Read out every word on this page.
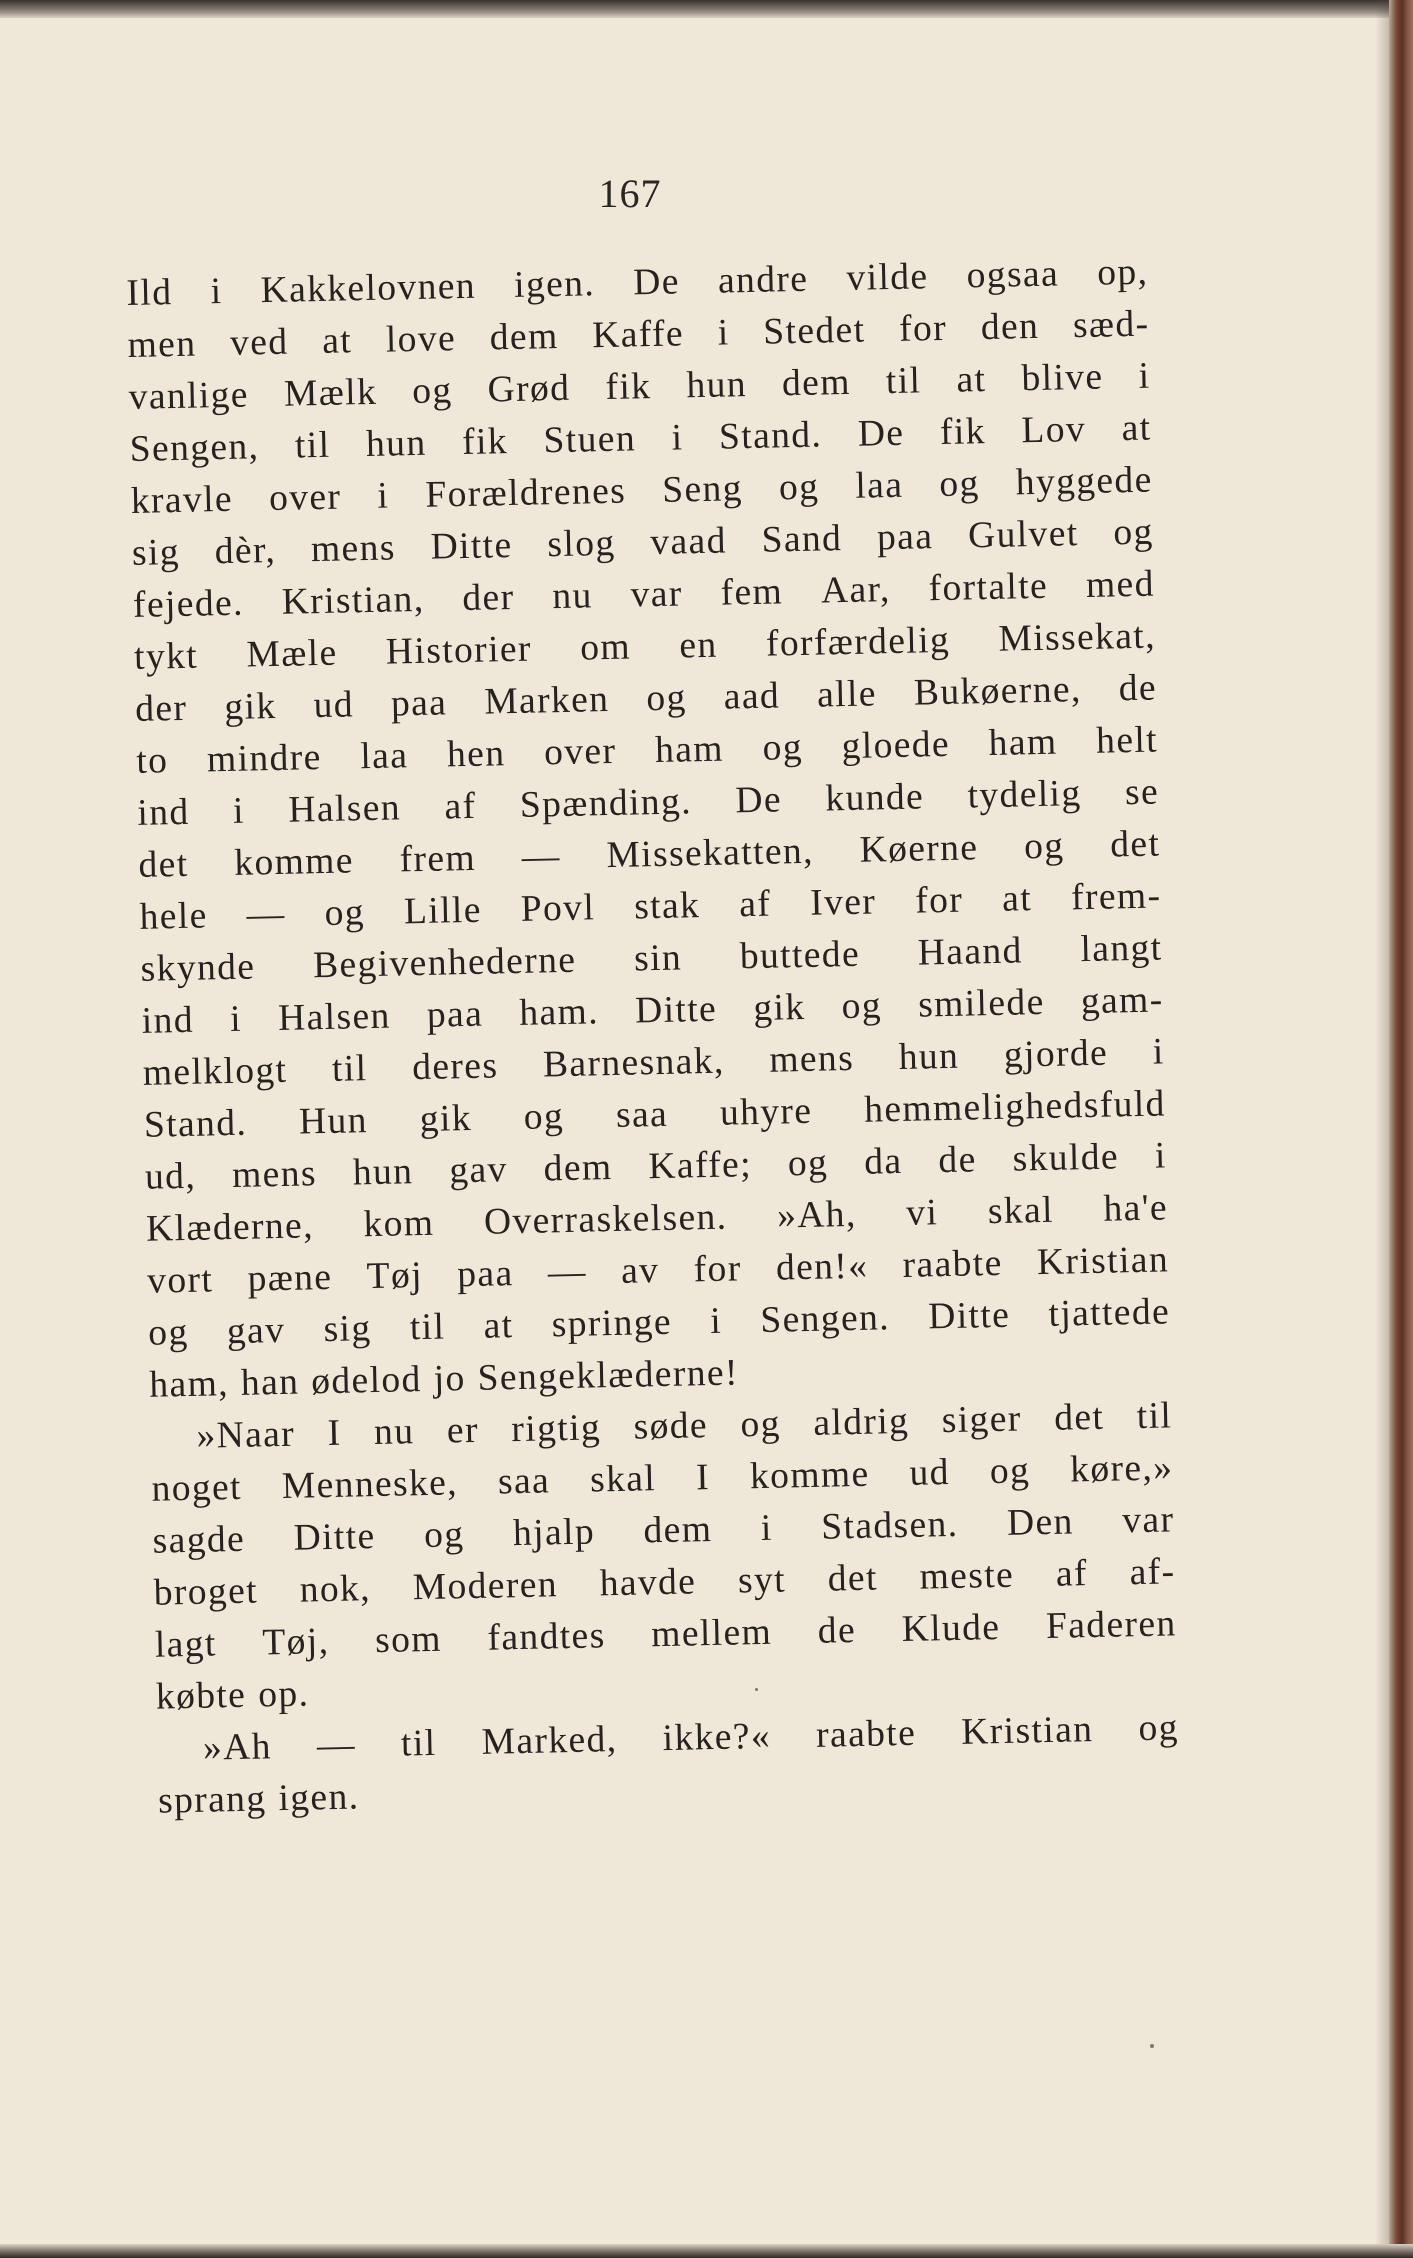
167
Ild i Kakkelovnen igen. De andre vilde ogsaa op,
men ved at love dem Kaffe i Stedet for den sæd-
vanlige Mælk og Grød fik hun dem til at blive i
Sengen, til hun fik Stuen i Stand. De fik Lov at
kravle over i Forældrenes Seng og laa og hyggede
sig dèr, mens Ditte slog vaad Sand paa Gulvet og
fejede. Kristian, der nu var fem Aar, fortalte med
tykt Mæle Historier om en forfærdelig Missekat,
der gik ud paa Marken og aad alle Bukøerne, de
to mindre laa hen over ham og gloede ham helt
ind i Halsen af Spænding. De kunde tydelig se
det komme frem — Missekatten, Køerne og det
hele — og Lille Povl stak af Iver for at frem-
skynde Begivenhederne sin buttede Haand langt
ind i Halsen paa ham. Ditte gik og smilede gam-
melklogt til deres Barnesnak, mens hun gjorde i
Stand. Hun gik og saa uhyre hemmelighedsfuld
ud, mens hun gav dem Kaffe; og da de skulde i
Klæderne, kom Overraskelsen. »Ah, vi skal ha'e
vort pæne Tøj paa — av for den!« raabte Kristian
og gav sig til at springe i Sengen. Ditte tjattede
ham, han ødelod jo Sengeklæderne!
»Naar I nu er rigtig søde og aldrig siger det til
noget Menneske, saa skal I komme ud og køre,»
sagde Ditte og hjalp dem i Stadsen. Den var
broget nok, Moderen havde syt det meste af af-
lagt Tøj, som fandtes mellem de Klude Faderen
købte op.
»Ah — til Marked, ikke?« raabte Kristian og
sprang igen.
